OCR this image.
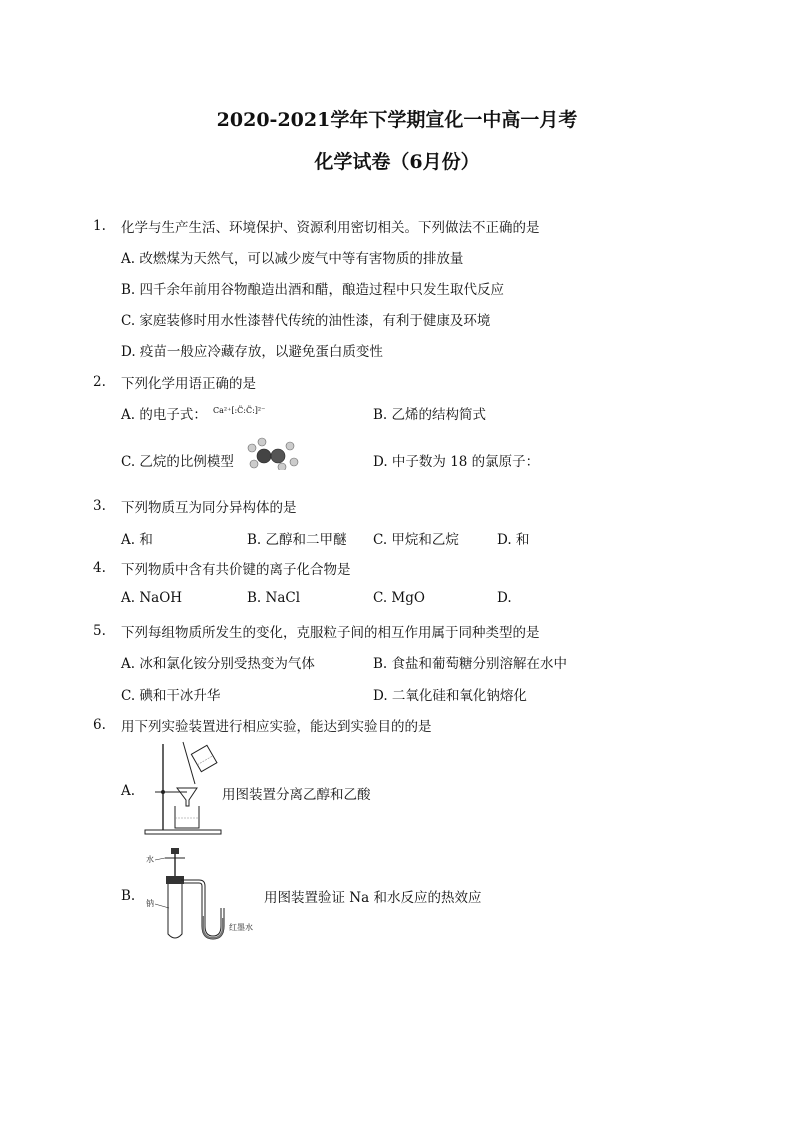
2020-2021学年下学期宣化一中高一月考
化学试卷（6月份）
1. 化学与生产生活、环境保护、资源利用密切相关。下列做法不正确的是
A. 改燃煤为天然气，可以减少废气中等有害物质的排放量
B. 四千余年前用谷物酿造出酒和醋，酿造过程中只发生取代反应
C. 家庭装修时用水性漆替代传统的油性漆，有利于健康及环境
D. 疫苗一般应冷藏存放，以避免蛋白质变性
2. 下列化学用语正确的是
A. 的电子式： Ca²⁺[:C̈:C̈:]²⁻	B. 乙烯的结构简式
C. 乙烷的比例模型	D. 中子数为 18 的氯原子：
3. 下列物质互为同分异构体的是
A. 和	B. 乙醇和二甲醚 C. 甲烷和乙烷	D. 和
4. 下列物质中含有共价键的离子化合物是
A. NaOH	B. NaCl	C. MgO	D.
5. 下列每组物质所发生的变化，克服粒子间的相互作用属于同种类型的是
A. 冰和氯化铵分别受热变为气体	B. 食盐和葡萄糖分别溶解在水中
C. 碘和干冰升华	D. 二氧化硅和氧化钠熔化
6. 用下列实验装置进行相应实验，能达到实验目的的是
A.	用图装置分离乙醇和乙酸
B.
水
钠
红墨水
用图装置验证 Na 和水反应的热效应
